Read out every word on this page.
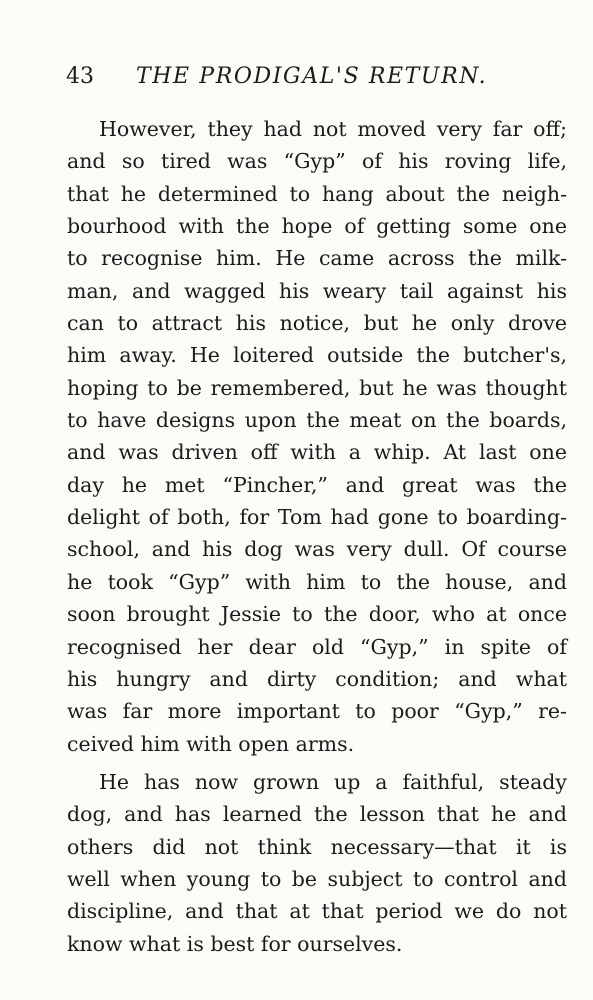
43 THE PRODIGAL'S RETURN.
However, they had not moved very far off;
and so tired was “Gyp” of his roving life,
that he determined to hang about the neigh-
bourhood with the hope of getting some one
to recognise him. He came across the milk-
man, and wagged his weary tail against his
can to attract his notice, but he only drove
him away. He loitered outside the butcher's,
hoping to be remembered, but he was thought
to have designs upon the meat on the boards,
and was driven off with a whip. At last one
day he met “Pincher,” and great was the
delight of both, for Tom had gone to boarding-
school, and his dog was very dull. Of course
he took “Gyp” with him to the house, and
soon brought Jessie to the door, who at once
recognised her dear old “Gyp,” in spite of
his hungry and dirty condition; and what
was far more important to poor “Gyp,” re-
ceived him with open arms.
He has now grown up a faithful, steady
dog, and has learned the lesson that he and
others did not think necessary—that it is
well when young to be subject to control and
discipline, and that at that period we do not
know what is best for ourselves.
